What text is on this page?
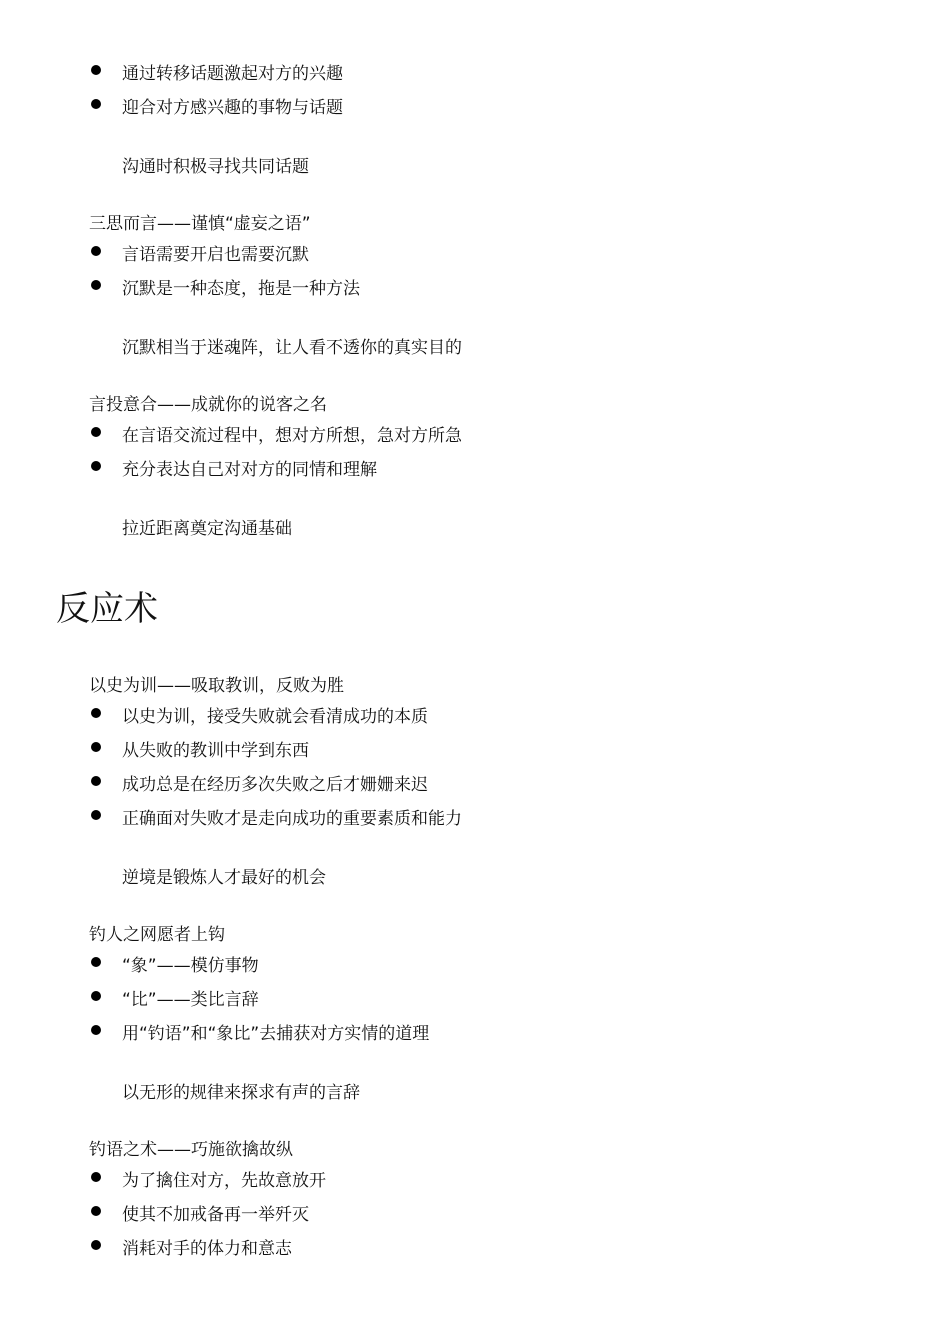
通过转移话题激起对方的兴趣
迎合对方感兴趣的事物与话题
沟通时积极寻找共同话题
三思而言——谨慎“虚妄之语”
言语需要开启也需要沉默
沉默是一种态度，拖是一种方法
沉默相当于迷魂阵，让人看不透你的真实目的
言投意合——成就你的说客之名
在言语交流过程中，想对方所想，急对方所急
充分表达自己对对方的同情和理解
拉近距离奠定沟通基础
反应术
以史为训——吸取教训，反败为胜
以史为训，接受失败就会看清成功的本质
从失败的教训中学到东西
成功总是在经历多次失败之后才姗姗来迟
正确面对失败才是走向成功的重要素质和能力
逆境是锻炼人才最好的机会
钓人之网愿者上钩
“象”——模仿事物
“比”——类比言辞
用“钓语”和“象比”去捕获对方实情的道理
以无形的规律来探求有声的言辞
钓语之术——巧施欲擒故纵
为了擒住对方，先故意放开
使其不加戒备再一举歼灭
消耗对手的体力和意志
